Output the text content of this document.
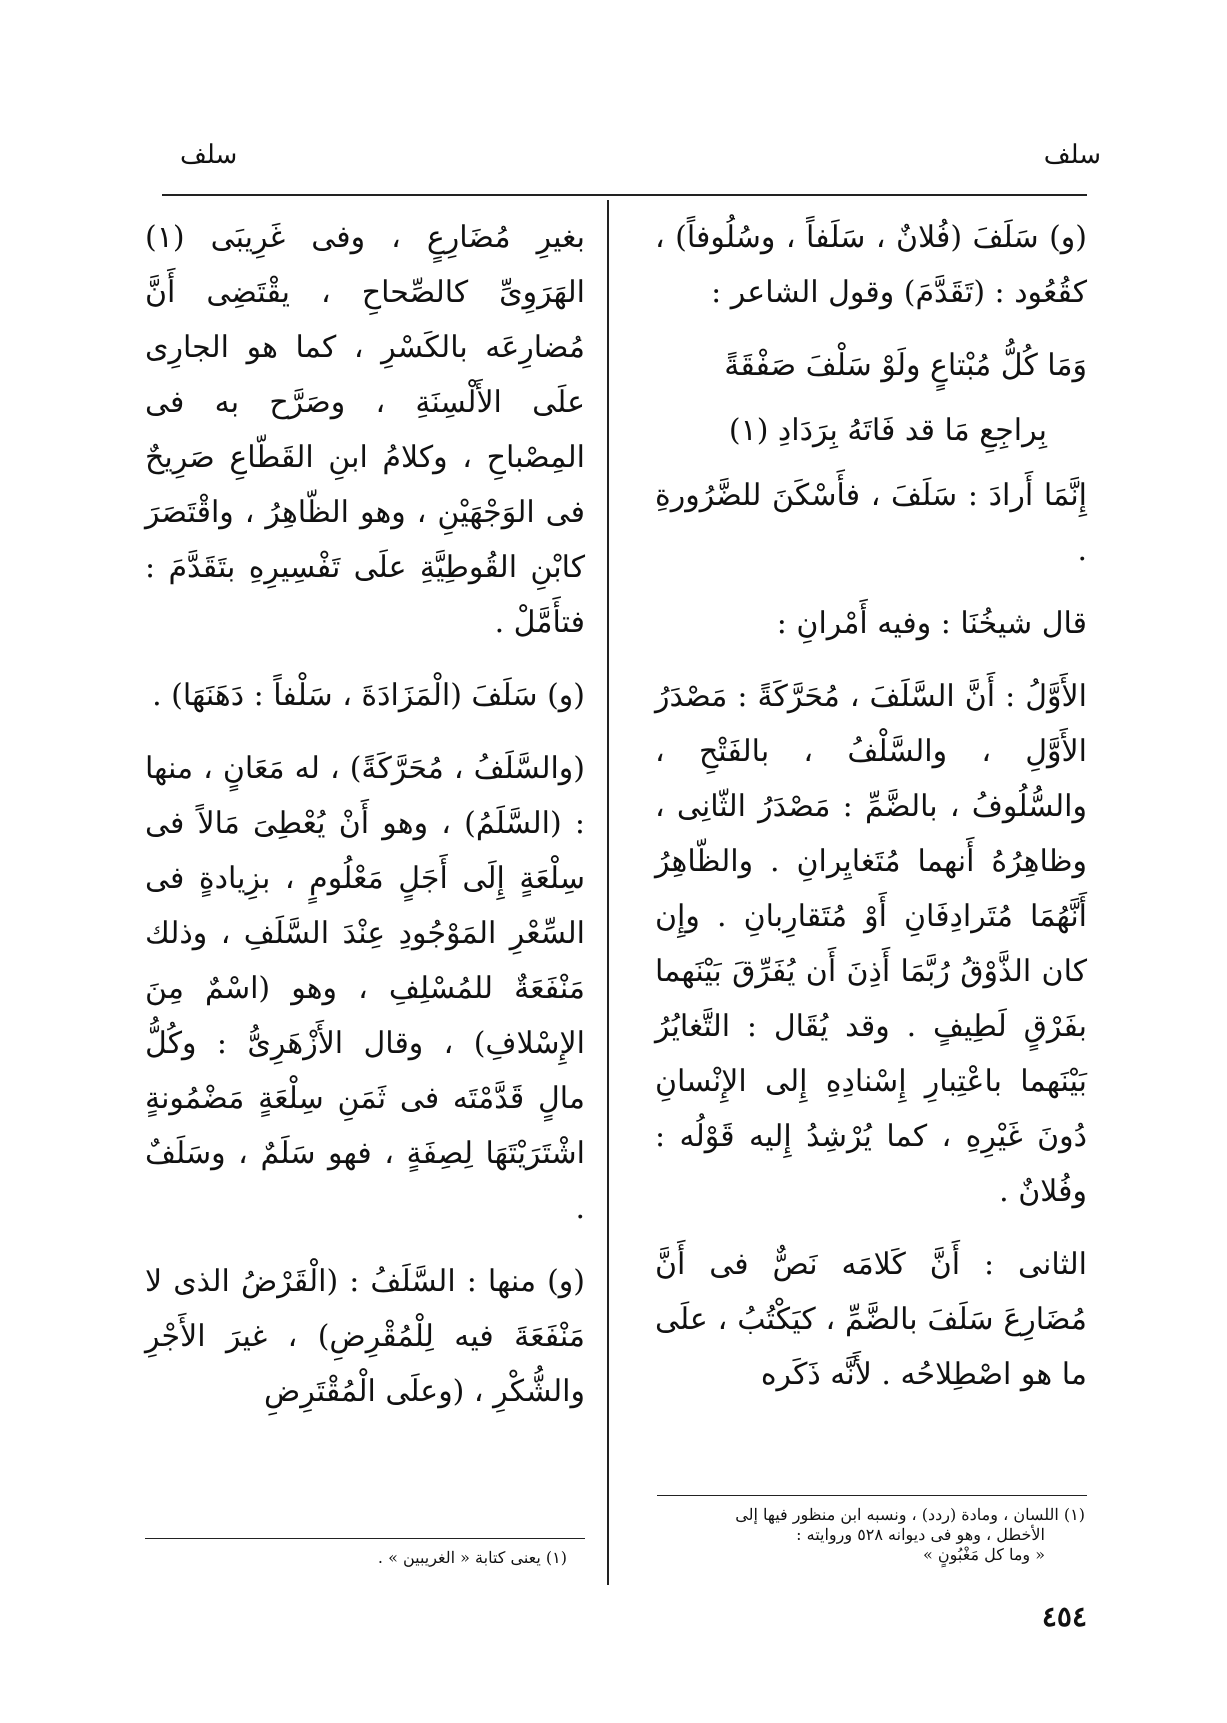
سلف
سلف

(و) سَلَفَ (فُلانٌ ، سَلَفاً ، وسُلُوفاً) ، كقُعُود : (تَقَدَّمَ) وقول الشاعر :

وَمَا كُلُّ مُبْتاعٍ ولَوْ سَلْفَ صَفْقَةً

بِراجِعِ مَا قد فَاتَهُ بِرَدَادِ (١)

إِنَّمَا أَرادَ : سَلَفَ ، فأَسْكَنَ للضَّرُورةِ .

قال شيخُنَا : وفيه أَمْرانِ :

الأَوَّلُ : أَنَّ السَّلَفَ ، مُحَرَّكَةً : مَصْدَرُ الأَوَّلِ ، والسَّلْفُ ، بالفَتْحِ ، والسُّلُوفُ ، بالضَّمِّ : مَصْدَرُ الثّانِى ، وظاهِرُهُ أَنهما مُتَغايِرانِ . والظّاهِرُ أَنَّهُمَا مُتَرادِفَانِ أَوْ مُتَقارِبانِ . وإِن كان الذَّوْقُ رُبَّمَا أَذِنَ أَن يُفَرِّقَ بَيْنَهما بفَرْقٍ لَطِيفٍ . وقد يُقَال : التَّغايُرُ بَيْنَهما باعْتِبارِ إِسْنادِهِ إِلى الإِنْسانِ دُونَ غَيْرِهِ ، كما يُرْشِدُ إِليه قَوْلُه : وفُلانٌ .

الثانى : أَنَّ كَلامَه نَصٌّ فى أَنَّ مُضَارِعَ سَلَفَ بالضَّمِّ ، كيَكْتُبُ ، علَى ما هو اصْطِلاحُه . لأَنَّه ذَكَره

بغيرِ مُضَارِعٍ ، وفى غَرِيبَى (١) الهَرَوِىِّ كالصِّحاحِ ، يقْتَضِى أَنَّ مُضارِعَه بالكَسْرِ ، كما هو الجارِى علَى الأَلْسِنَةِ ، وصَرَّح به فى المِصْباحِ ، وكلامُ ابنِ القَطّاعِ صَرِيحٌ فى الوَجْهَيْنِ ، وهو الظّاهِرُ ، واقْتَصَرَ كابْنِ القُوطِيَّةِ علَى تَفْسِيرِهِ بتَقَدَّمَ : فتأَمَّلْ .

(و) سَلَفَ (الْمَزَادَةَ ، سَلْفاً : دَهَنَهَا) .

(والسَّلَفُ ، مُحَرَّكَةً) ، له مَعَانٍ ، منها : (السَّلَمُ) ، وهو أَنْ يُعْطِىَ مَالاً فى سِلْعَةٍ إِلَى أَجَلٍ مَعْلُومٍ ، بزِيادةٍ فى السِّعْرِ المَوْجُودِ عِنْدَ السَّلَفِ ، وذلك مَنْفَعَةٌ للمُسْلِفِ ، وهو (اسْمٌ مِنَ الإِسْلافِ) ، وقال الأَزْهَرِىُّ : وكُلُّ مالٍ قَدَّمْتَه فى ثَمَنِ سِلْعَةٍ مَضْمُونةٍ اشْتَرَيْتَهَا لِصِفَةٍ ، فهو سَلَمٌ ، وسَلَفٌ .

(و) منها : السَّلَفُ : (الْقَرْضُ الذى لا مَنْفَعَةَ فيه لِلْمُقْرِضِ) ، غيرَ الأَجْرِ والشُّكْرِ ، (وعلَى الْمُقْتَرِضِ

(١) اللسان ، ومادة (ردد) ، ونسبه ابن منظور فيها إلى
الأخطل ، وهو فى ديوانه ٥٢٨ وروايته :
« وما كل مَغْبُونٍ »
(١) يعنى كتابة « الغريبين » .
٤٥٤
